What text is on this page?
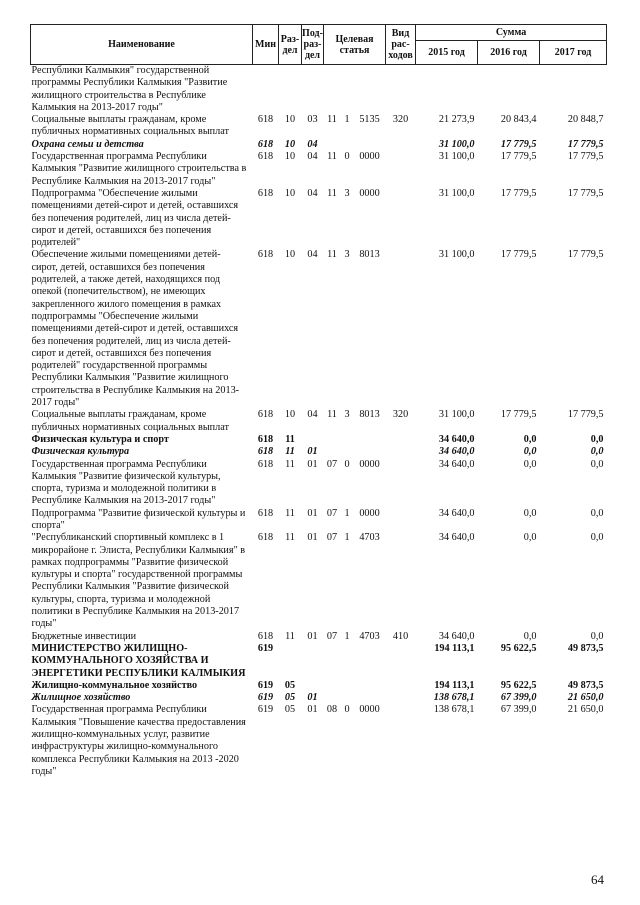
Наименование	Мин	Раз-дел	Под-раз-дел	Целевая статья			Вид рас-ходов	Сумма		
								2015 год	2016 год	2017 год
Республики Калмыкия" государственной программы Республики Калмыкия "Развитие жилищного строительства в Республике Калмыкия на 2013-2017 годы"										
Социальные выплаты гражданам, кроме публичных нормативных социальных выплат	618	10	03	11	1	5135	320	21 273,9	20 843,4	20 848,7
Охрана семьи и детства	618	10	04					31 100,0	17 779,5	17 779,5
Государственная программа Республики Калмыкия "Развитие жилищного строительства в Республике Калмыкия на 2013-2017 годы"	618	10	04	11	0	0000		31 100,0	17 779,5	17 779,5
Подпрограмма "Обеспечение жилыми помещениями детей-сирот и детей, оставшихся без попечения родителей, лиц из числа детей-сирот и детей, оставшихся без попечения родителей"	618	10	04	11	3	0000		31 100,0	17 779,5	17 779,5
Обеспечение жилыми помещениями детей-сирот, детей, оставшихся без попечения родителей, а также детей, находящихся под опекой (попечительством), не имеющих закрепленного жилого помещения в рамках подпрограммы "Обеспечение жилыми помещениями детей-сирот и детей, оставшихся без попечения родителей, лиц из числа детей-сирот и детей, оставшихся без попечения родителей" государственной программы Республики Калмыкия "Развитие жилищного строительства в Республике Калмыкия на 2013-2017 годы"	618	10	04	11	3	8013		31 100,0	17 779,5	17 779,5
Социальные выплаты гражданам, кроме публичных нормативных социальных выплат	618	10	04	11	3	8013	320	31 100,0	17 779,5	17 779,5
Физическая культура и спорт	618	11						34 640,0	0,0	0,0
Физическая культура	618	11	01					34 640,0	0,0	0,0
Государственная программа Республики Калмыкия "Развитие физической культуры, спорта, туризма и молодежной политики в Республике Калмыкия на 2013-2017 годы"	618	11	01	07	0	0000		34 640,0	0,0	0,0
Подпрограмма "Развитие физической культуры и спорта"	618	11	01	07	1	0000		34 640,0	0,0	0,0
"Республиканский спортивный комплекс в 1 микрорайоне г. Элиста, Республики Калмыкия" в рамках подпрограммы "Развитие физической культуры и спорта" государственной программы Республики Калмыкия "Развитие физической культуры, спорта, туризма и молодежной политики в Республике Калмыкия на 2013-2017 годы"	618	11	01	07	1	4703		34 640,0	0,0	0,0
Бюджетные инвестиции	618	11	01	07	1	4703	410	34 640,0	0,0	0,0
МИНИСТЕРСТВО ЖИЛИЩНО-КОММУНАЛЬНОГО ХОЗЯЙСТВА И ЭНЕРГЕТИКИ РЕСПУБЛИКИ КАЛМЫКИЯ	619							194 113,1	95 622,5	49 873,5
Жилищно-коммунальное хозяйство	619	05						194 113,1	95 622,5	49 873,5
Жилищное хозяйство	619	05	01					138 678,1	67 399,0	21 650,0
Государственная программа Республики Калмыкия "Повышение качества предоставления жилищно-коммунальных услуг, развитие инфраструктуры жилищно-коммунального комплекса Республики Калмыкия на 2013 -2020 годы"	619	05	01	08	0	0000		138 678,1	67 399,0	21 650,0
64
